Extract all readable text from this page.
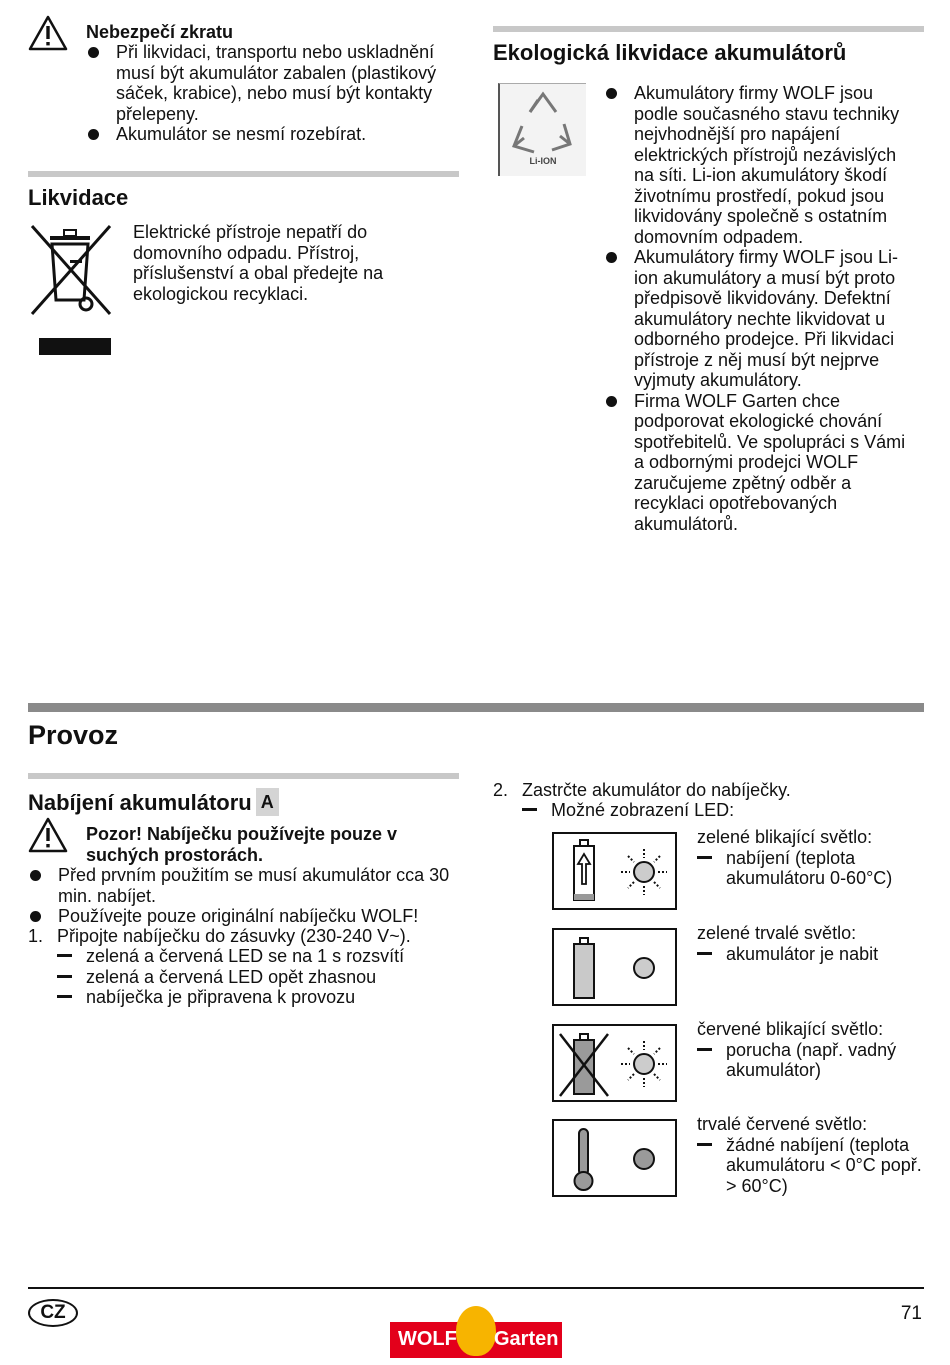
Nebezpečí zkratu
Při likvidaci, transportu nebo uskladnění musí být akumulátor zabalen (plastikový sáček, krabice), nebo musí být kontakty přelepeny.
Akumulátor se nesmí rozebírat.
Likvidace
Elektrické přístroje nepatří do domovního odpadu. Přístroj, příslušenství a obal předejte na ekologickou recyklaci.
Ekologická likvidace akumulátorů
Li-ION
Akumulátory firmy WOLF jsou podle současného stavu techniky nejvhodnější pro napájení elektrických přístrojů nezávislých na síti. Li-ion akumulátory škodí životnímu prostředí, pokud jsou likvidovány společně s ostatním domovním odpadem.
Akumulátory firmy WOLF jsou Li-ion akumulátory a musí být proto předpisově likvidovány. Defektní akumulátory nechte likvidovat u odborného prodejce. Při likvidaci přístroje z něj musí být nejprve vyjmuty akumulátory.
Firma WOLF Garten chce podporovat ekologické chování spotřebitelů. Ve spolupráci s Vámi a odbornými prodejci WOLF zaručujeme zpětný odběr a recyklaci opotřebovaných akumulátorů.
Provoz
Nabíjení akumulátoru A
Pozor! Nabíječku používejte pouze v suchých prostorách.
Před prvním použitím se musí akumulátor cca 30 min. nabíjet.
Používejte pouze originální nabíječku WOLF!
1. Připojte nabíječku do zásuvky (230-240 V~).
zelená a červená LED se na 1 s rozsvítí
zelená a červená LED opět zhasnou
nabíječka je připravena k provozu
2. Zastrčte akumulátor do nabíječky.
Možné zobrazení LED:
zelené blikající světlo:
nabíjení (teplota akumulátoru 0-60°C)
zelené trvalé světlo:
akumulátor je nabit
červené blikající světlo:
porucha (např. vadný akumulátor)
trvalé červené světlo:
žádné nabíjení (teplota akumulátoru < 0°C popř. > 60°C)
CZ	71
WOLF Garten
